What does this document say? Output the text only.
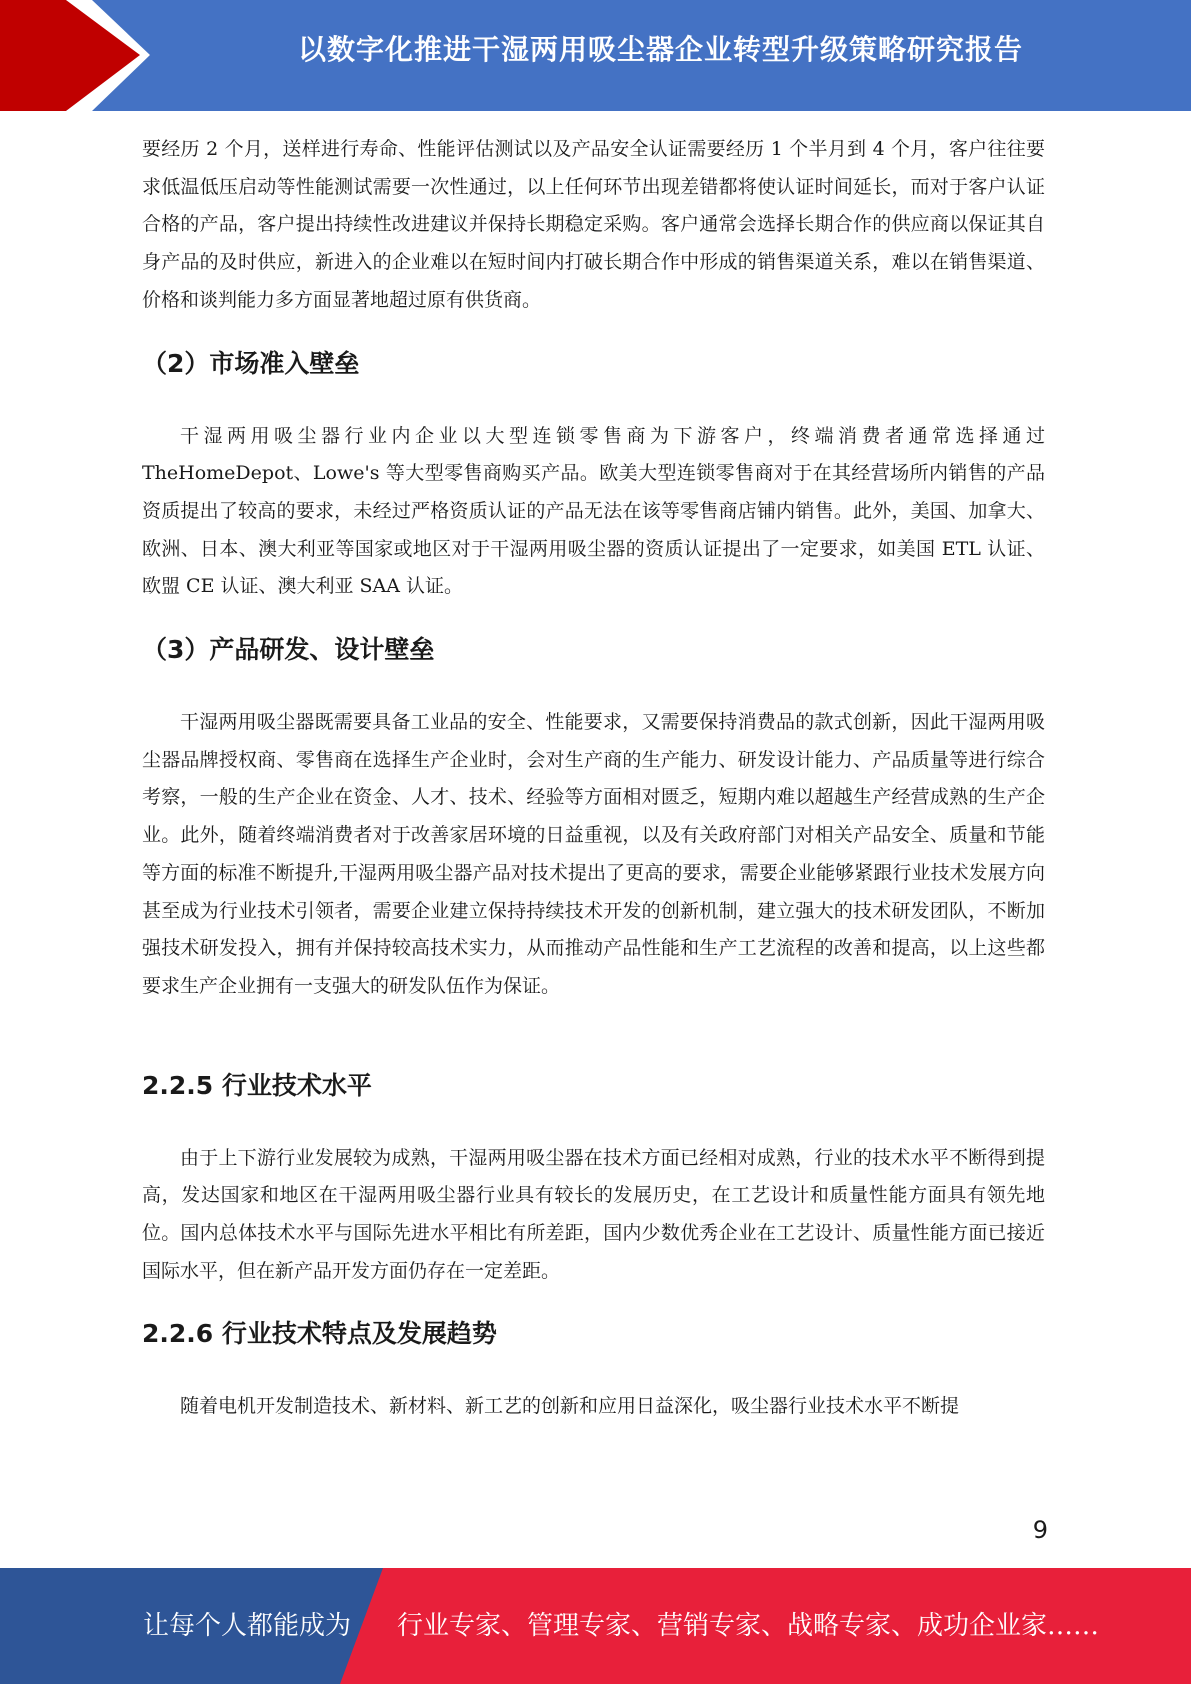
以数字化推进干湿两用吸尘器企业转型升级策略研究报告

要经历 2 个月，送样进行寿命、性能评估测试以及产品安全认证需要经历 1 个半月到 4 个月，客户往往要求低温低压启动等性能测试需要一次性通过，以上任何环节出现差错都将使认证时间延长，而对于客户认证合格的产品，客户提出持续性改进建议并保持长期稳定采购。客户通常会选择长期合作的供应商以保证其自身产品的及时供应，新进入的企业难以在短时间内打破长期合作中形成的销售渠道关系，难以在销售渠道、价格和谈判能力多方面显著地超过原有供货商。

（2）市场准入壁垒

干湿两用吸尘器行业内企业以大型连锁零售商为下游客户，终端消费者通常选择通过 TheHomeDepot、Lowe's 等大型零售商购买产品。欧美大型连锁零售商对于在其经营场所内销售的产品资质提出了较高的要求，未经过严格资质认证的产品无法在该等零售商店铺内销售。此外，美国、加拿大、欧洲、日本、澳大利亚等国家或地区对于干湿两用吸尘器的资质认证提出了一定要求，如美国 ETL 认证、欧盟 CE 认证、澳大利亚 SAA 认证。

（3）产品研发、设计壁垒

干湿两用吸尘器既需要具备工业品的安全、性能要求，又需要保持消费品的款式创新，因此干湿两用吸尘器品牌授权商、零售商在选择生产企业时，会对生产商的生产能力、研发设计能力、产品质量等进行综合考察，一般的生产企业在资金、人才、技术、经验等方面相对匮乏，短期内难以超越生产经营成熟的生产企业。此外，随着终端消费者对于改善家居环境的日益重视，以及有关政府部门对相关产品安全、质量和节能等方面的标准不断提升,干湿两用吸尘器产品对技术提出了更高的要求，需要企业能够紧跟行业技术发展方向甚至成为行业技术引领者，需要企业建立保持持续技术开发的创新机制，建立强大的技术研发团队，不断加强技术研发投入，拥有并保持较高技术实力，从而推动产品性能和生产工艺流程的改善和提高，以上这些都要求生产企业拥有一支强大的研发队伍作为保证。

2.2.5 行业技术水平

由于上下游行业发展较为成熟，干湿两用吸尘器在技术方面已经相对成熟，行业的技术水平不断得到提高，发达国家和地区在干湿两用吸尘器行业具有较长的发展历史，在工艺设计和质量性能方面具有领先地位。国内总体技术水平与国际先进水平相比有所差距，国内少数优秀企业在工艺设计、质量性能方面已接近国际水平，但在新产品开发方面仍存在一定差距。

2.2.6 行业技术特点及发展趋势

随着电机开发制造技术、新材料、新工艺的创新和应用日益深化，吸尘器行业技术水平不断提

9
让每个人都能成为 行业专家、管理专家、营销专家、战略专家、成功企业家……
